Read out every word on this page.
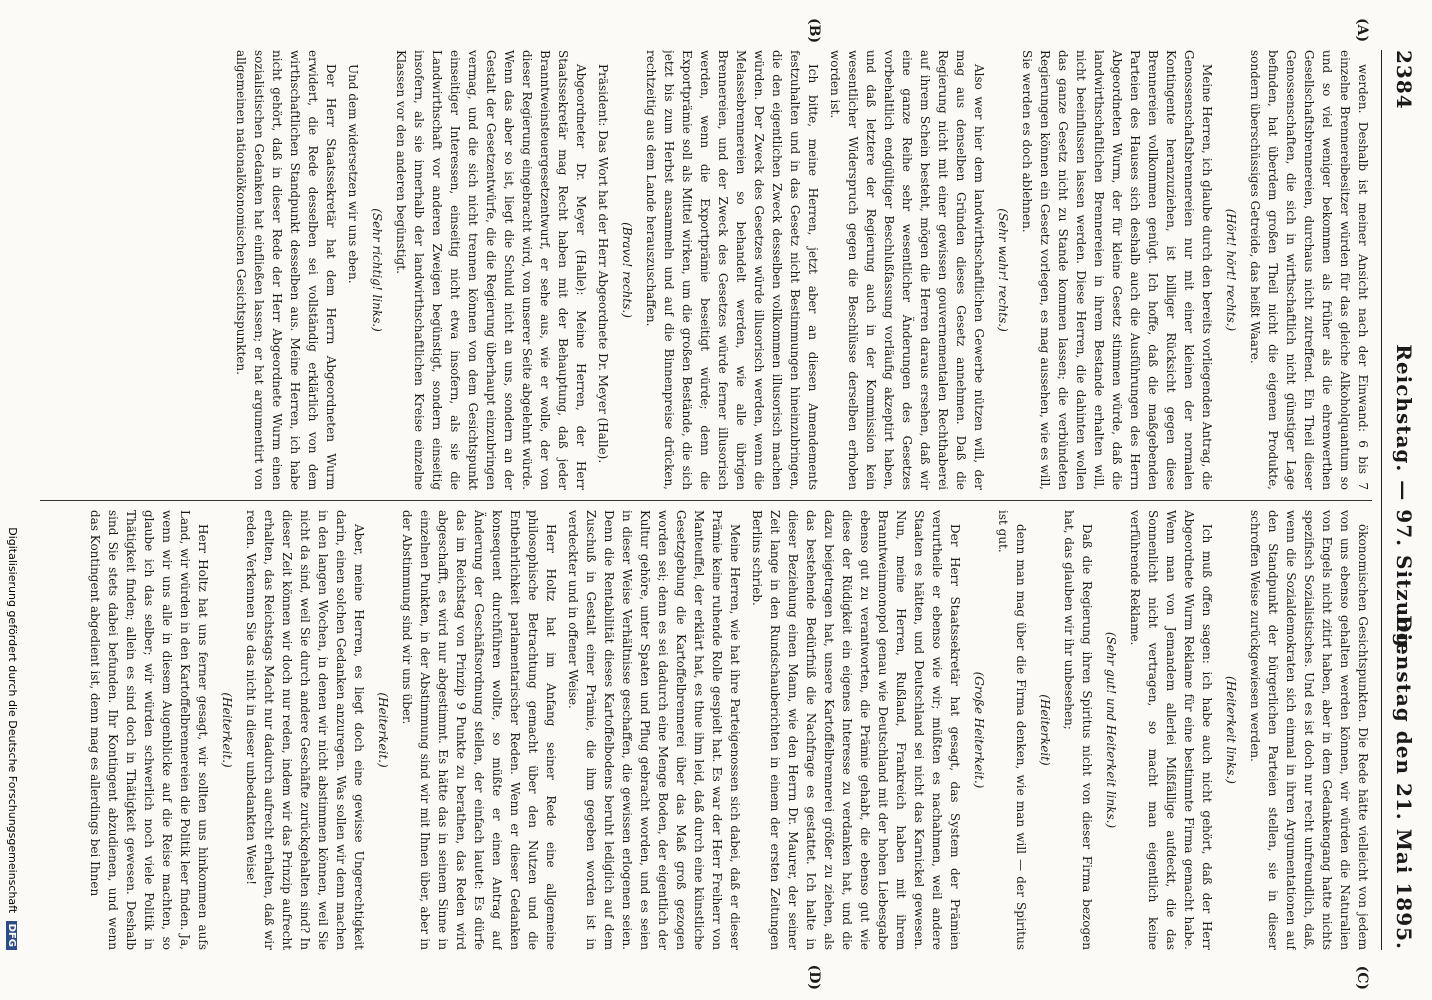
2384
Reichstag. — 97. Sitzung.
Dienstag den 21. Mai 1895.
(A)
(B)
(C)
(D)

werden. Deshalb ist meiner Ansicht nach der Einwand: 6 bis 7 einzelne Brennereibesitzer würden für das gleiche Alkoholquantum so und so viel weniger bekommen als früher als die ehrenwerthen Gesellschaftsbrennereien, durchaus nicht zutreffend. Ein Theil dieser Genossenschaften, die sich in wirthschaftlich nicht günstiger Lage befinden, hat überdem großen Theil nicht die eigenen Produkte, sondern überschüssiges Getreide, das heißt Waare.

(Hört! hört! rechts.)

Meine Herren, ich glaube durch den bereits vorliegenden Antrag, die Genossenschaftsbrennereien nur mit einer kleinen der normalen Kontingente heranzuziehen, ist billiger Rücksicht gegen diese Brennereien vollkommen genügt. Ich hoffe, daß die maßgebenden Parteien des Hauses sich deshalb auch die Ausführungen des Herrn Abgeordneten Wurm, der für kleine Gesetz stimmen würde, daß die landwirthschaftlichen Brennereien in ihrem Bestande erhalten will, nicht beeinflussen lassen werden. Diese Herren, die dahinten wollen das ganze Gesetz nicht zu Stande kommen lassen; die verbündeten Regierungen können ein Gesetz vorlegen, es mag aussehen, wie es will, Sie werden es doch ablehnen.

(Sehr wahr! rechts.)

Also wer hier dem landwirthschaftlichen Gewerbe nützen will, der mag aus denselben Gründen dieses Gesetz annehmen. Daß die Regierung nicht mit einer gewissen gouvernementalen Rechthaberei auf ihrem Schein besteht, mögen die Herren daraus ersehen, daß wir eine ganze Reihe sehr wesentlicher Änderungen des Gesetzes vorbehaltlich endgültiger Beschlußfassung vorläufig akzeptirt haben, und daß letztere der Regierung auch in der Kommission kein wesentlicher Widerspruch gegen die Beschlüsse derselben erhoben worden ist.

Ich bitte, meine Herren, jetzt aber an diesen Amendements festzuhalten und in das Gesetz nicht Bestimmungen hineinzubringen, die den eigentlichen Zweck desselben vollkommen illusorisch machen würden. Der Zweck des Gesetzes würde illusorisch werden, wenn die Melassebrennereien so behandelt werden, wie alle übrigen Brennereien, und der Zweck des Gesetzes würde ferner illusorisch werden, wenn die Exportprämie beseitigt würde; denn die Exportprämie soll als Mittel wirken, um die großen Bestände, die sich jetzt bis zum Herbst ansammeln und auf die Binnenpreise drücken, rechtzeitig aus dem Lande herauszuschaffen.

(Bravo! rechts.)

Präsident: Das Wort hat der Herr Abgeordnete Dr. Meyer (Halle).

Abgeordneter Dr. Meyer (Halle): Meine Herren, der Herr Staatssekretär mag Recht haben mit der Behauptung, daß jeder Branntweinsteuergesetzentwurf, er sehe aus, wie er wolle, der von dieser Regierung eingebracht wird, von unserer Seite abgelehnt würde. Wenn das aber so ist, liegt die Schuld nicht an uns, sondern an der Gestalt der Gesetzentwürfe, die die Regierung überhaupt einzubringen vermag, und die sich nicht trennen können von dem Gesichtspunkt einseitiger Interessen, einseitig nicht etwa insofern, als sie die Landwirthschaft vor anderen Zweigen begünstigt, sondern einseitig insofern, als sie innerhalb der landwirthschaftlichen Kreise einzelne Klassen vor den anderen begünstigt.

(Sehr richtig! links.)

Und dem widersetzen wir uns eben.

Der Herr Staatssekretär hat dem Herrn Abgeordneten Wurm erwidert, die Rede desselben sei vollständig erklärlich von dem wirthschaftlichen Standpunkt desselben aus. Meine Herren, ich habe nicht gehört, daß in dieser Rede der Herr Abgeordnete Wurm einen sozialistischen Gedanken hat einfließen lassen; er hat argumentirt von allgemeinen nationalökonomischen Gesichtspunkten.

ökonomischen Gesichtspunkten. Die Rede hätte vielleicht von jedem von uns ebenso gehalten werden können, wir würden die Naturalien von Engels nicht zitirt haben, aber in dem Gedankengang hatte nichts spezifisch Sozialistisches. Und es ist doch nur recht unfreundlich, daß, wenn die Sozialdemokraten sich einmal in ihren Argumentationen auf den Standpunkt der bürgerlichen Parteien stellen, sie in dieser schroffen Weise zurückgewiesen werden.

(Heiterkeit links.)

Ich muß offen sagen: ich habe auch nicht gehört, daß der Herr Abgeordnete Wurm Reklame für eine bestimmte Firma gemacht habe. Wenn man von Jemandem allerlei Mißfällige aufdeckt, die das Sonnenlicht nicht vertragen, so macht man eigentlich keine verführende Reklame.

(Sehr gut! und Heiterkeit links.)

Daß die Regierung ihren Spiritus nicht von dieser Firma bezogen hat, das glauben wir ihr unbesehen;

(Heiterkeit)

denn man mag über die Firma denken, wie man will — der Spiritus ist gut.

(Große Heiterkeit.)

Der Herr Staatssekretär hat gesagt, das System der Prämien verurtheile er ebenso wie wir; müßten es nachahmen, weil andere Staaten es hätten, und Deutschland sei nicht das Karnickel gewesen. Nun, meine Herren, Rußland, Frankreich haben mit ihrem Branntweinmonopol genau wie Deutschland mit der hohen Liebesgabe ebenso gut zu verantworten, die Prämie gehabt, die ebenso gut wie diese der Rüdigkeit ein eigenes Interesse zu verdanken hat, und die dazu beigetragen hat, unsere Kartoffelbrennerei größer zu ziehen, als das bestehende Bedürfniß die Nachfrage es gestattet. Ich halte in dieser Beziehung einen Mann, wie den Herrn Dr. Maurer, der seiner Zeit lange in den Rundschauberichten in einem der ersten Zeitungen Berlins schrieb.

Meine Herren, wie hat ihre Parteigenossen sich dabei, daß er dieser Prämie keine ruhende Rolle gespielt hat. Es war der Herr Freiherr von Manteuffel, der erklärt hat, es thue ihm leid, daß durch eine künstliche Gesetzgebung die Kartoffelbrennerei über das Maß groß gezogen worden sei; denn es sei dadurch eine Menge Boden, der eigentlich der Kultur gehöre, unter Spaten und Pflug gebracht worden, und es seien in dieser Weise Verhältnisse geschaffen, die gewissen erlogenen seien. Denn die Rentabilität dieses Kartoffelbodens beruht lediglich auf dem Zuschuß in Gestalt einer Prämie, die ihm gegeben worden ist in verdeckter und in offener Weise.

Herr Holtz hat im Anfang seiner Rede eine allgemeine philosophische Betrachtung gemacht über den Nutzen und die Entbehrlichkeit parlamentarischer Reden. Wenn er dieser Gedanken konsequent durchführen wollte, so müßte er einen Antrag auf Änderung der Geschäftsordnung stellen, der einfach lautet: Es dürfe das im Reichstag von Prinzip 9 Punkte zu berathen, das Reden wird abgeschafft, es wird nur abgestimmt. Es hätte das in seinem Sinne in einzelnen Punkten, in der Abstimmung sind wir mit Ihnen über, aber in der Abstimmung sind wir uns über.

(Heiterkeit.)

Aber, meine Herren, es liegt doch eine gewisse Ungerechtigkeit darin, einen solchen Gedanken anzuregen. Was sollen wir denn machen in den langen Wochen, in denen wir nicht abstimmen können, weil Sie nicht da sind, weil Sie durch andere Geschäfte zurückgehalten sind? In dieser Zeit können wir doch nur reden, indem wir das Prinzip aufrecht erhalten, das Reichstags Macht nur dadurch aufrecht erhalten, daß wir reden. Verkennen Sie das nicht in dieser unbedankten Weise!

(Heiterkeit.)

Herr Holtz hat uns ferner gesagt, wir sollten uns hinkommen aufs Land, wir würden in den Kartoffelbrennereien die Politik leer finden. Ja, wenn wir uns alle in diesem Augenblicke auf die Reise machten, so glaube ich das selber; wir würden schwerlich noch viele Politik in Thätigkeit finden; allein es sind doch in Thätigkeit gewesen. Deshalb sind Sie stets dabei befunden. Ihr Kontingent abzudienen, und wenn das Kontingent abgedient ist, denn mag es allerdings bei Ihnen

Digitalisierung gefördert durch die Deutsche Forschungsgemeinschaft DFG
